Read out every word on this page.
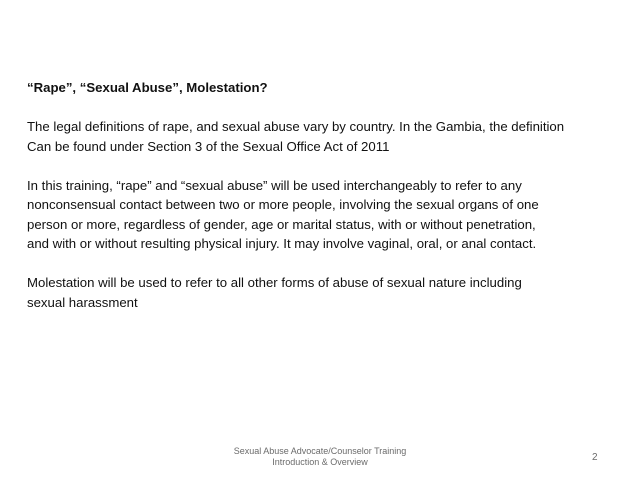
“Rape”, “Sexual Abuse”, Molestation?
The legal definitions of rape, and sexual abuse vary by country. In the Gambia, the definition
Can be found under Section 3 of the Sexual Office Act of 2011
In this training, “rape” and “sexual abuse” will be used interchangeably to refer to any
nonconsensual contact between two or more people, involving the sexual organs of one
person or more, regardless of gender, age or marital status, with or without penetration,
and with or without resulting physical injury. It may involve vaginal, oral, or anal contact.
Molestation will be used to refer to all other forms of abuse of sexual nature including
sexual harassment
Sexual Abuse Advocate/Counselor Training
Introduction & Overview	2
